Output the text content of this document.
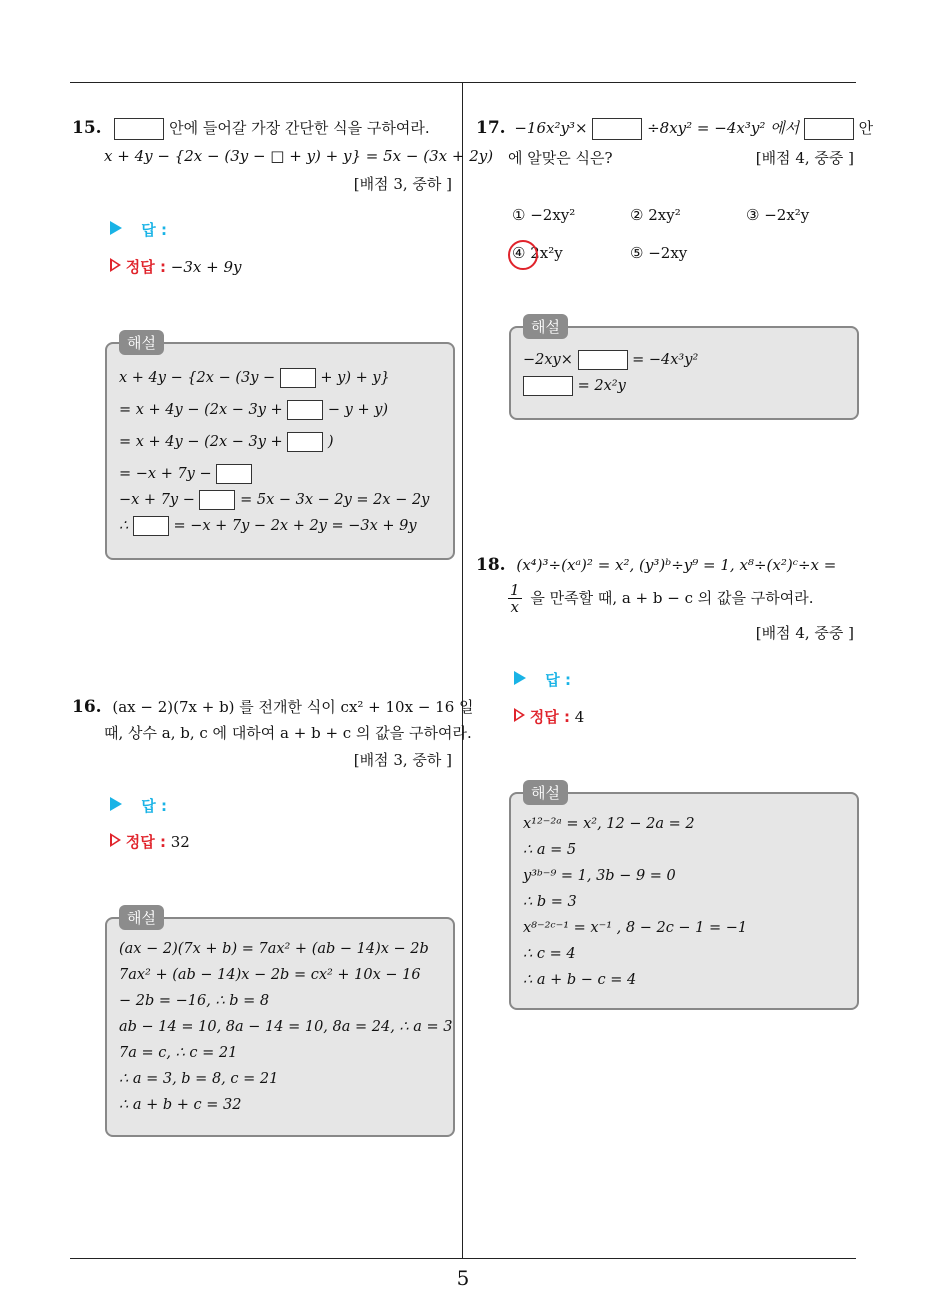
15.	안에 들어갈 가장 간단한 식을 구하여라.
x + 4y − {2x − (3y − □ + y) + y} = 5x − (3x + 2y)
[배점 3, 중하 ]
답 :
정답 : −3x + 9y
해설
x + 4y − {2x − (3y −	+ y) + y}
= x + 4y − (2x − 3y +	− y + y)
= x + 4y − (2x − 3y +	)
= −x + 7y −
−x + 7y −	= 5x − 3x − 2y = 2x − 2y
∴	= −x + 7y − 2x + 2y = −3x + 9y
16. (ax − 2)(7x + b) 를 전개한 식이 cx² + 10x − 16 일
때, 상수 a, b, c 에 대하여 a + b + c 의 값을 구하여라.
[배점 3, 중하 ]
답 :
정답 : 32
해설
(ax − 2)(7x + b) = 7ax² + (ab − 14)x − 2b
7ax² + (ab − 14)x − 2b = cx² + 10x − 16
− 2b = −16, ∴ b = 8
ab − 14 = 10, 8a − 14 = 10, 8a = 24, ∴ a = 3
7a = c, ∴ c = 21
∴ a = 3, b = 8, c = 21
∴ a + b + c = 32
17. −16x²y³×	÷8xy² = −4x³y² 에서	안
에 알맞은 식은?	[배점 4, 중중 ]
① −2xy²	② 2xy²	③ −2x²y
④ 2x²y	⑤ −2xy
해설
−2xy×	= −4x³y²
= 2x²y
18. (x⁴)³÷(xᵃ)² = x², (y³)ᵇ÷y⁹ = 1, x⁸÷(x²)ᶜ÷x =
$\frac{1}{x}$ 을 만족할 때, a + b − c 의 값을 구하여라.
[배점 4, 중중 ]
답 :
정답 : 4
해설
x¹²⁻²ᵃ = x², 12 − 2a = 2
∴ a = 5
y³ᵇ⁻⁹ = 1, 3b − 9 = 0
∴ b = 3
x⁸⁻²ᶜ⁻¹ = x⁻¹ , 8 − 2c − 1 = −1
∴ c = 4
∴ a + b − c = 4
5
